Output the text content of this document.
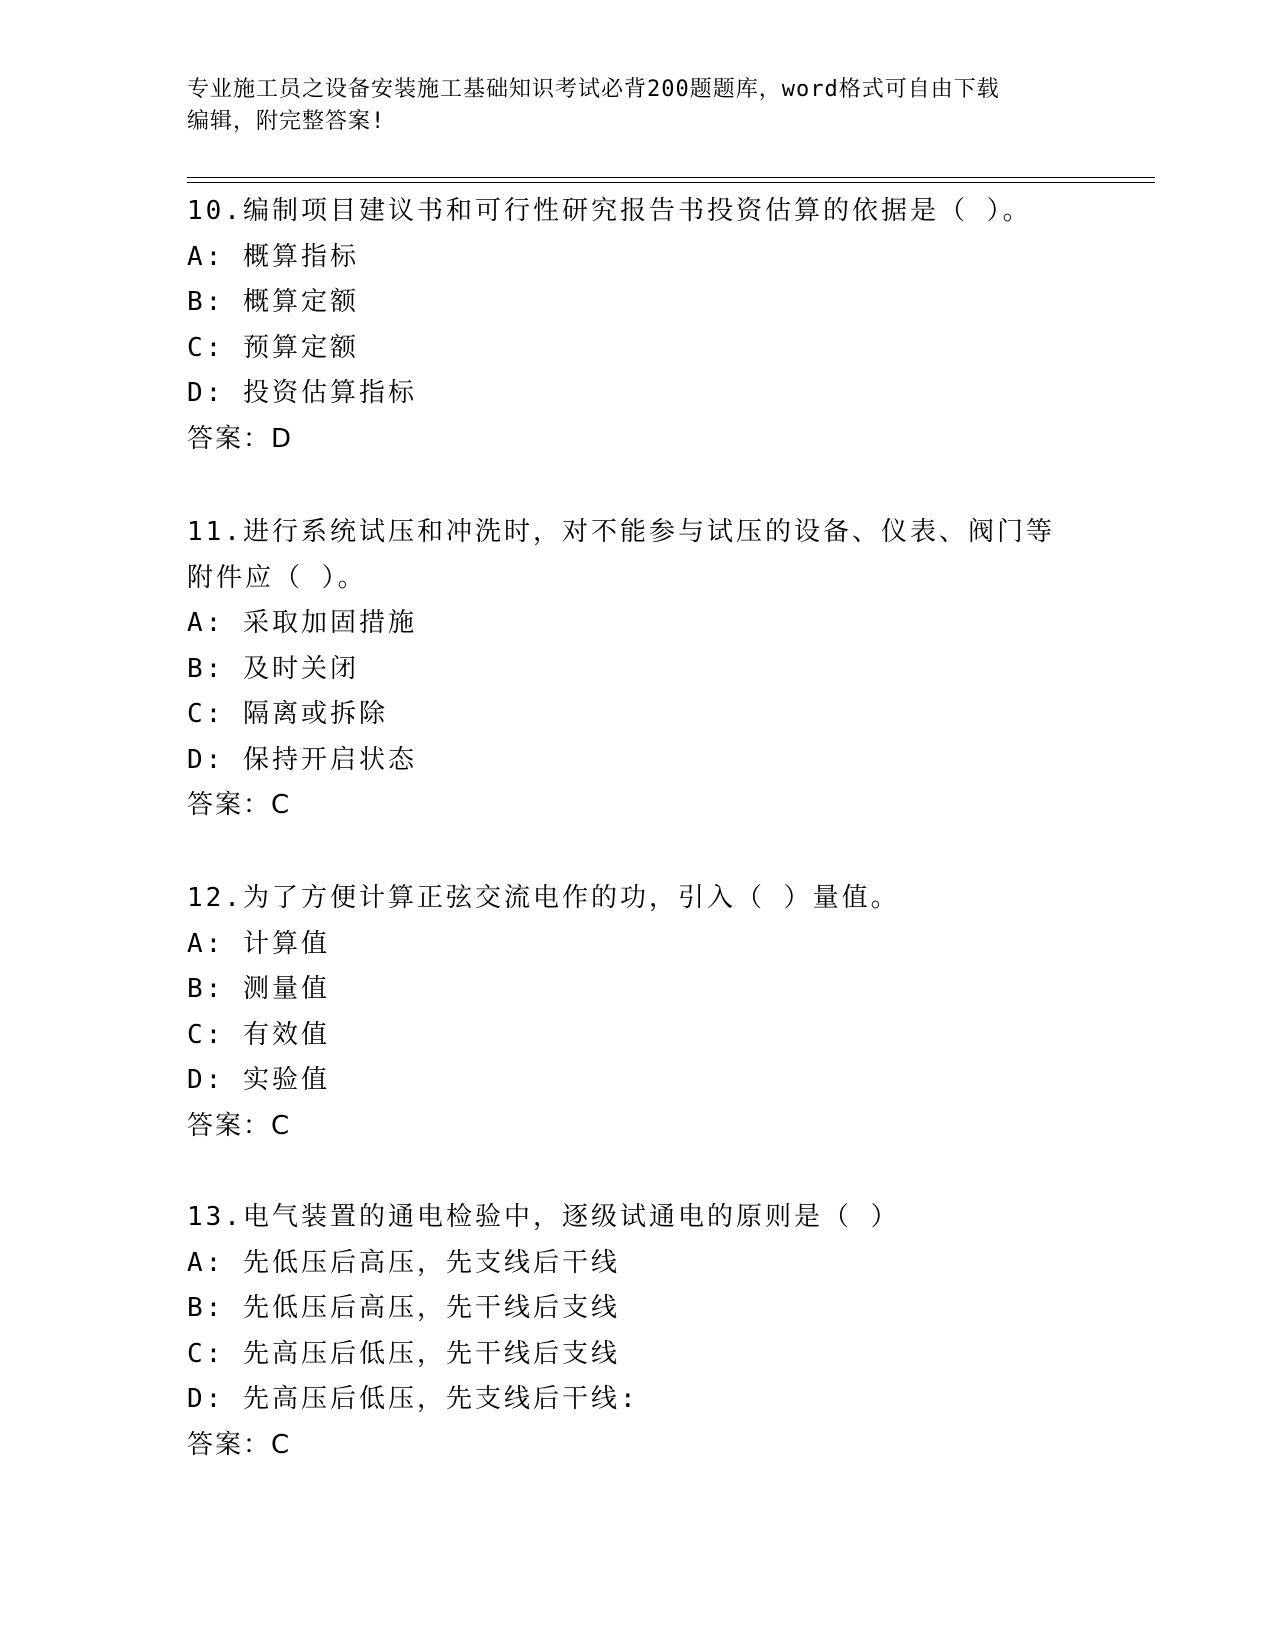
专业施工员之设备安装施工基础知识考试必背200题题库，word格式可自由下载
编辑，附完整答案!
10.编制项目建议书和可行性研究报告书投资估算的依据是（ ）。
A: 概算指标
B: 概算定额
C: 预算定额
D: 投资估算指标
答案：D
11.进行系统试压和冲洗时，对不能参与试压的设备、仪表、阀门等附件应（ ）。
A: 采取加固措施
B: 及时关闭
C: 隔离或拆除
D: 保持开启状态
答案：C
12.为了方便计算正弦交流电作的功，引入（ ）量值。
A: 计算值
B: 测量值
C: 有效值
D: 实验值
答案：C
13.电气装置的通电检验中，逐级试通电的原则是（ ）
A: 先低压后高压，先支线后干线
B: 先低压后高压，先干线后支线
C: 先高压后低压，先干线后支线
D: 先高压后低压，先支线后干线:
答案：C
